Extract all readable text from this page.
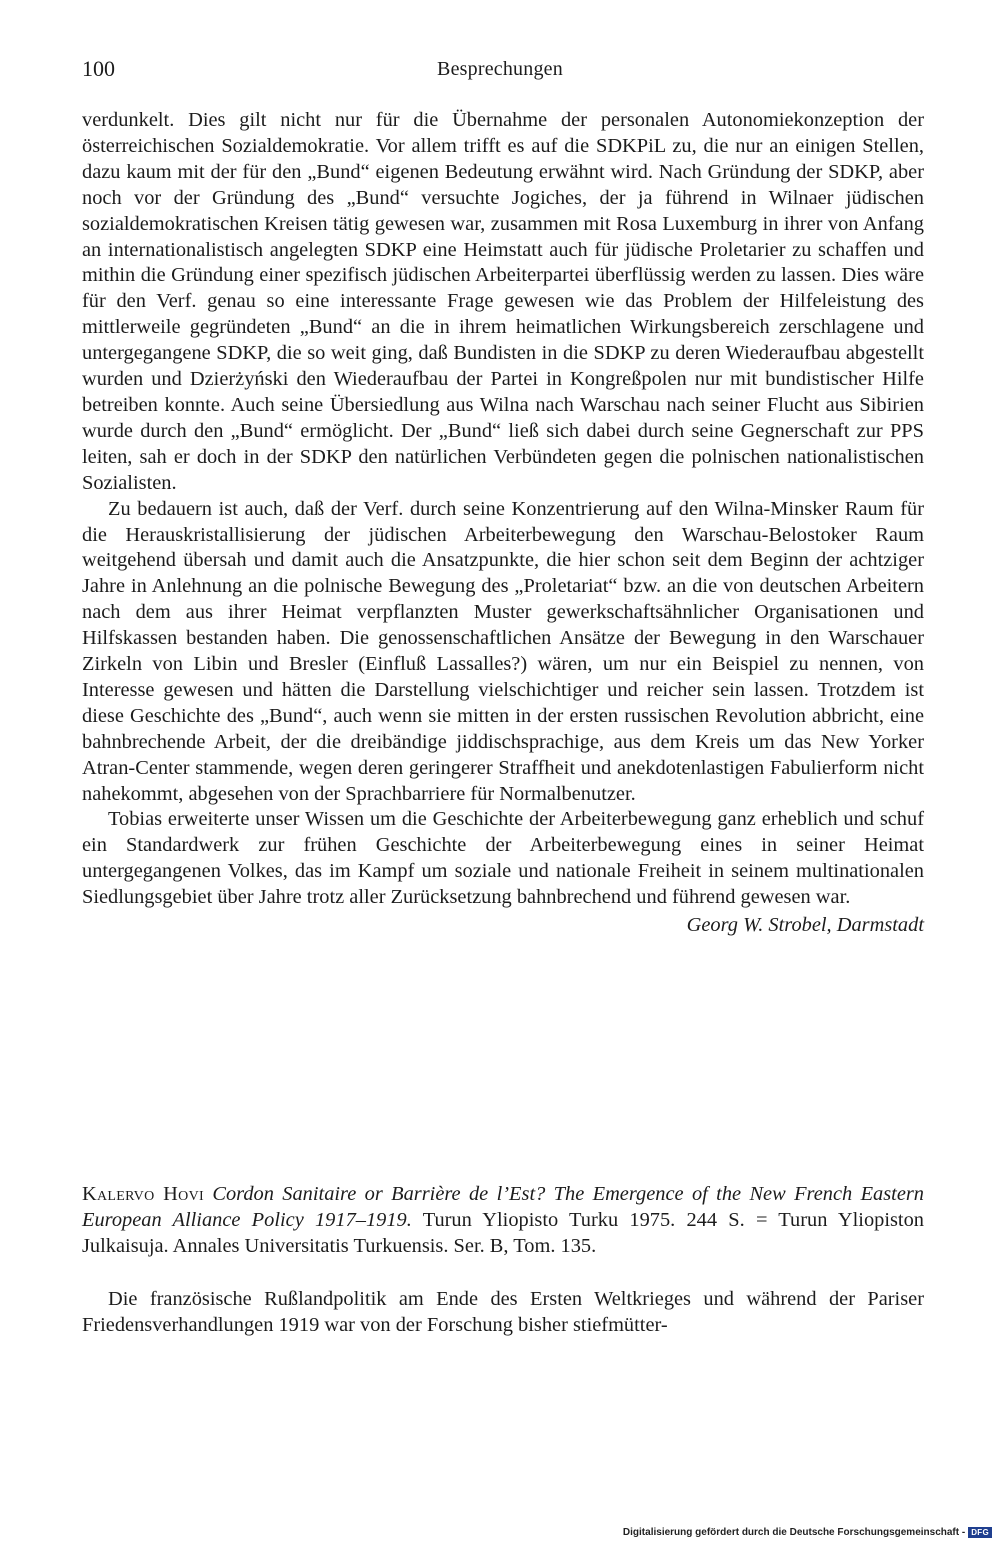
100	Besprechungen

verdunkelt. Dies gilt nicht nur für die Übernahme der personalen Autonomiekonzeption der österreichischen Sozialdemokratie. Vor allem trifft es auf die SDKPiL zu, die nur an einigen Stellen, dazu kaum mit der für den „Bund“ eigenen Bedeutung erwähnt wird. Nach Gründung der SDKP, aber noch vor der Gründung des „Bund“ versuchte Jogiches, der ja führend in Wilnaer jüdischen sozialdemokratischen Kreisen tätig gewesen war, zusammen mit Rosa Luxemburg in ihrer von Anfang an internationalistisch angelegten SDKP eine Heimstatt auch für jüdische Proletarier zu schaffen und mithin die Gründung einer spezifisch jüdischen Arbeiterpartei überflüssig werden zu lassen. Dies wäre für den Verf. genau so eine interessante Frage gewesen wie das Problem der Hilfeleistung des mittlerweile gegründeten „Bund“ an die in ihrem heimatlichen Wirkungsbereich zerschlagene und untergegangene SDKP, die so weit ging, daß Bundisten in die SDKP zu deren Wiederaufbau abgestellt wurden und Dzierżyński den Wiederaufbau der Partei in Kongreßpolen nur mit bundistischer Hilfe betreiben konnte. Auch seine Übersiedlung aus Wilna nach Warschau nach seiner Flucht aus Sibirien wurde durch den „Bund“ ermöglicht. Der „Bund“ ließ sich dabei durch seine Gegnerschaft zur PPS leiten, sah er doch in der SDKP den natürlichen Verbündeten gegen die polnischen nationalistischen Sozialisten.

Zu bedauern ist auch, daß der Verf. durch seine Konzentrierung auf den Wilna-Minsker Raum für die Herauskristallisierung der jüdischen Arbeiterbewegung den Warschau-Belostoker Raum weitgehend übersah und damit auch die Ansatzpunkte, die hier schon seit dem Beginn der achtziger Jahre in Anlehnung an die polnische Bewegung des „Proletariat“ bzw. an die von deutschen Arbeitern nach dem aus ihrer Heimat verpflanzten Muster gewerkschaftsähnlicher Organisationen und Hilfskassen bestanden haben. Die genossenschaftlichen Ansätze der Bewegung in den Warschauer Zirkeln von Libin und Bresler (Einfluß Lassalles?) wären, um nur ein Beispiel zu nennen, von Interesse gewesen und hätten die Darstellung vielschichtiger und reicher sein lassen. Trotzdem ist diese Geschichte des „Bund“, auch wenn sie mitten in der ersten russischen Revolution abbricht, eine bahnbrechende Arbeit, der die dreibändige jiddischsprachige, aus dem Kreis um das New Yorker Atran-Center stammende, wegen deren geringerer Straffheit und anekdotenlastigen Fabulierform nicht nahekommt, abgesehen von der Sprachbarriere für Normalbenutzer.

Tobias erweiterte unser Wissen um die Geschichte der Arbeiterbewegung ganz erheblich und schuf ein Standardwerk zur frühen Geschichte der Arbeiterbewegung eines in seiner Heimat untergegangenen Volkes, das im Kampf um soziale und nationale Freiheit in seinem multinationalen Siedlungsgebiet über Jahre trotz aller Zurücksetzung bahnbrechend und führend gewesen war.

Georg W. Strobel, Darmstadt

Kalervo Hovi Cordon Sanitaire or Barrière de l’Est? The Emergence of the New French Eastern European Alliance Policy 1917–1919. Turun Yliopisto Turku 1975. 244 S. = Turun Yliopiston Julkaisuja. Annales Universitatis Turkuensis. Ser. B, Tom. 135.

Die französische Rußlandpolitik am Ende des Ersten Weltkrieges und während der Pariser Friedensverhandlungen 1919 war von der Forschung bisher stiefmütter-

Digitalisierung gefördert durch die Deutsche Forschungsgemeinschaft - DFG
